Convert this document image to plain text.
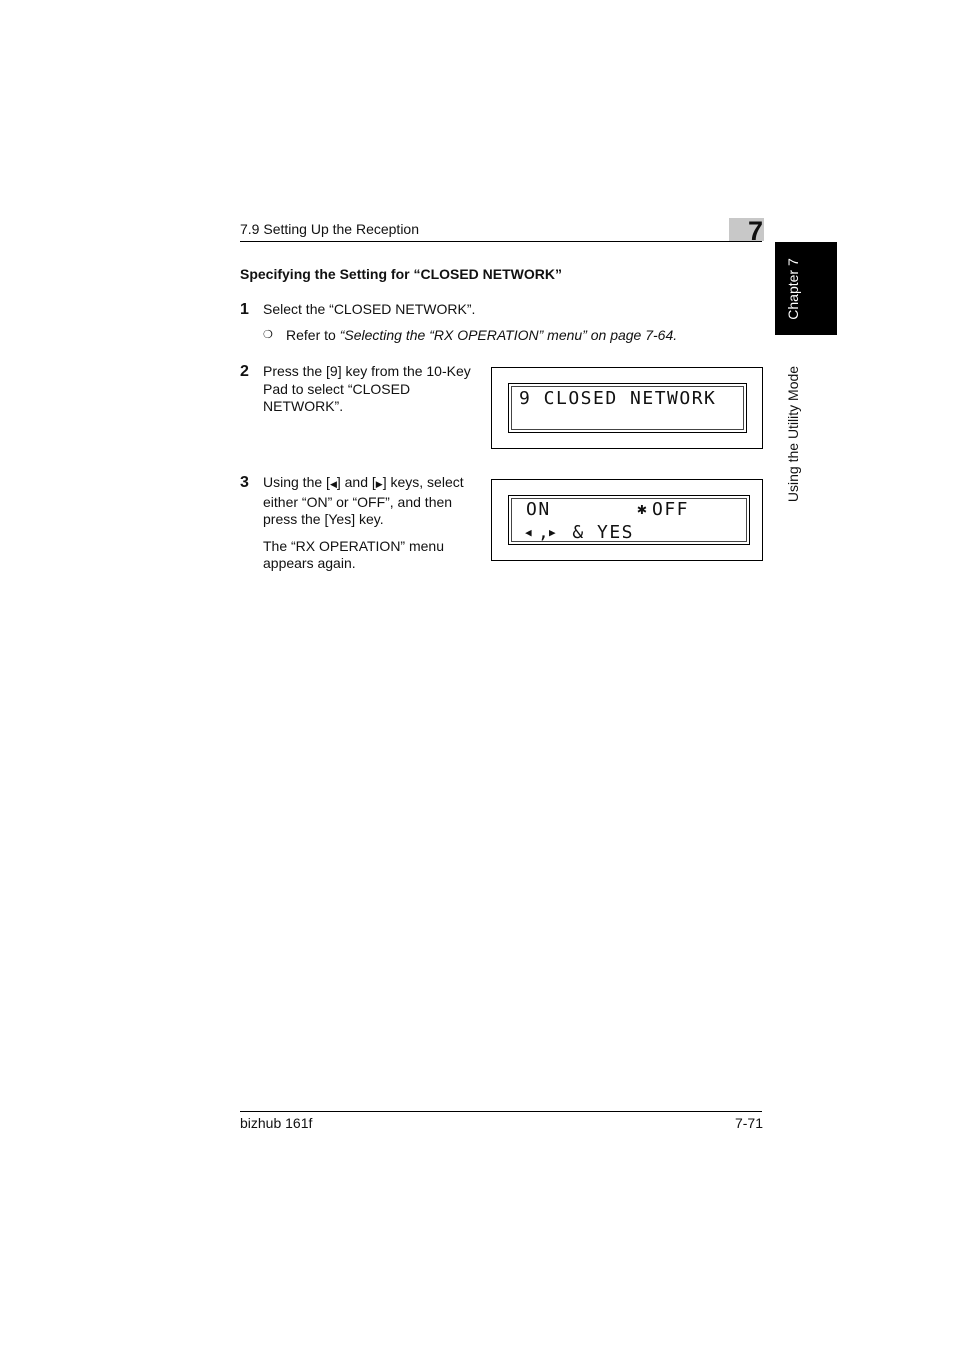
7.9 Setting Up the Reception	7
Chapter 7
Using the Utility Mode
Specifying the Setting for “CLOSED NETWORK”
1 Select the “CLOSED NETWORK”.
❍ Refer to “Selecting the “RX OPERATION” menu” on page 7-64.
2 Press the [9] key from the 10-Key
Pad to select “CLOSED
NETWORK”.	9 CLOSED NETWORK
3 Using the [◀] and [▶] keys, select
either “ON” or “OFF”, and then
press the [Yes] key.
The “RX OPERATION” menu
appears again.
ON	✱ OFF
◀ ,
▶ & YES
bizhub 161f	7-71
